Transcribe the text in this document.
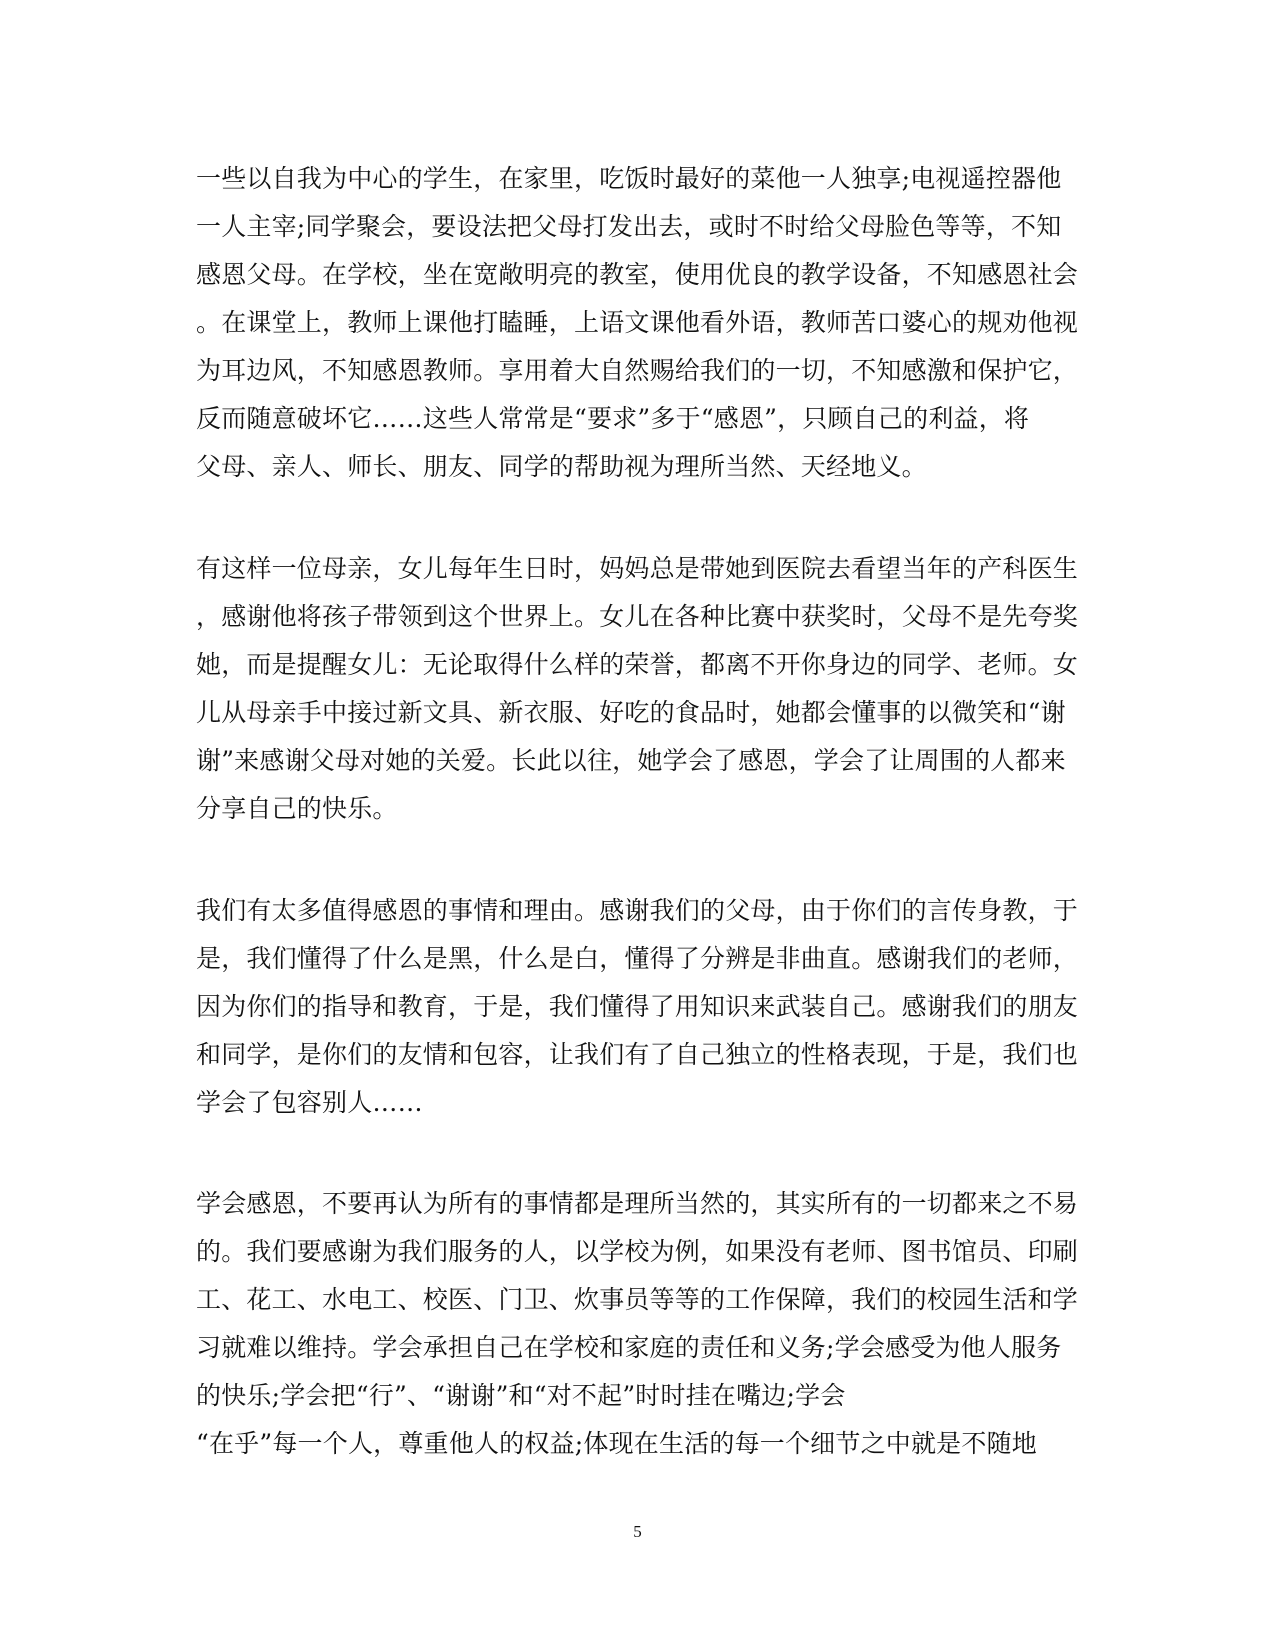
一些以自我为中心的学生，在家里，吃饭时最好的菜他一人独享;电视遥控器他
一人主宰;同学聚会，要设法把父母打发出去，或时不时给父母脸色等等，不知
感恩父母。在学校，坐在宽敞明亮的教室，使用优良的教学设备，不知感恩社会
。在课堂上，教师上课他打瞌睡，上语文课他看外语，教师苦口婆心的规劝他视
为耳边风，不知感恩教师。享用着大自然赐给我们的一切，不知感激和保护它，
反而随意破坏它……这些人常常是“要求”多于“感恩”，只顾自己的利益，将
父母、亲人、师长、朋友、同学的帮助视为理所当然、天经地义。
有这样一位母亲，女儿每年生日时，妈妈总是带她到医院去看望当年的产科医生
，感谢他将孩子带领到这个世界上。女儿在各种比赛中获奖时，父母不是先夸奖
她，而是提醒女儿：无论取得什么样的荣誉，都离不开你身边的同学、老师。女
儿从母亲手中接过新文具、新衣服、好吃的食品时，她都会懂事的以微笑和“谢
谢”来感谢父母对她的关爱。长此以往，她学会了感恩，学会了让周围的人都来
分享自己的快乐。
我们有太多值得感恩的事情和理由。感谢我们的父母，由于你们的言传身教，于
是，我们懂得了什么是黑，什么是白，懂得了分辨是非曲直。感谢我们的老师，
因为你们的指导和教育，于是，我们懂得了用知识来武装自己。感谢我们的朋友
和同学，是你们的友情和包容，让我们有了自己独立的性格表现，于是，我们也
学会了包容别人……
学会感恩，不要再认为所有的事情都是理所当然的，其实所有的一切都来之不易
的。我们要感谢为我们服务的人，以学校为例，如果没有老师、图书馆员、印刷
工、花工、水电工、校医、门卫、炊事员等等的工作保障，我们的校园生活和学
习就难以维持。学会承担自己在学校和家庭的责任和义务;学会感受为他人服务
的快乐;学会把“行”、“谢谢”和“对不起”时时挂在嘴边;学会
“在乎”每一个人，尊重他人的权益;体现在生活的每一个细节之中就是不随地
5
